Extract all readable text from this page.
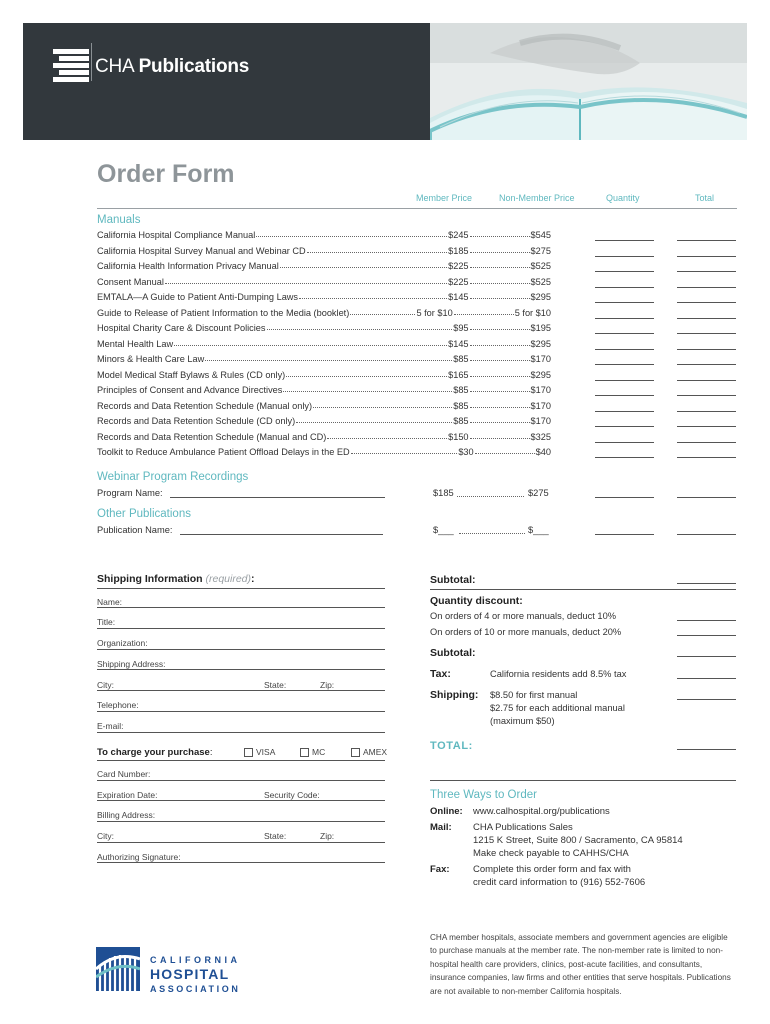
CHA Publications
Order Form
Member Price	Non-Member Price	Quantity	Total
Manuals
California Hospital Compliance Manual	$245	$545
California Hospital Survey Manual and Webinar CD	$185	$275
California Health Information Privacy Manual	$225	$525
Consent Manual	$225	$525
EMTALA—A Guide to Patient Anti-Dumping Laws	$145	$295
Guide to Release of Patient Information to the Media (booklet)	5 for $10	5 for $10
Hospital Charity Care & Discount Policies	$95	$195
Mental Health Law	$145	$295
Minors & Health Care Law	$85	$170
Model Medical Staff Bylaws & Rules (CD only)	$165	$295
Principles of Consent and Advance Directives	$85	$170
Records and Data Retention Schedule (Manual only)	$85	$170
Records and Data Retention Schedule (CD only)	$85	$170
Records and Data Retention Schedule (Manual and CD)	$150	$325
Toolkit to Reduce Ambulance Patient Offload Delays in the ED	$30	$40
Webinar Program Recordings
Program Name:	$185	$275
Other Publications
Publication Name:	$___	$___
Shipping Information (required):
Name:
Title:
Organization:
Shipping Address:
City:	State:	Zip:
Telephone:
E-mail:
To charge your purchase:	VISA	MC	AMEX
Card Number:
Expiration Date:	Security Code:
Billing Address:
City:	State:	Zip:
Authorizing Signature:
Subtotal:
Quantity discount:
On orders of 4 or more manuals, deduct 10%
On orders of 10 or more manuals, deduct 20%
Subtotal:
Tax:	California residents add 8.5% tax
Shipping: $8.50 for first manual
$2.75 for each additional manual
(maximum $50)
TOTAL:
Three Ways to Order
Online: www.calhospital.org/publications
Mail: CHA Publications Sales
1215 K Street, Suite 800 / Sacramento, CA 95814
Make check payable to CAHHS/CHA
Fax: Complete this order form and fax with
credit card information to (916) 552-7606
CHA member hospitals, associate members and government agencies are eligible to purchase manuals at the member rate. The non-member rate is limited to non-hospital health care providers, clinics, post-acute facilities, and consultants, insurance companies, law firms and other entities that serve hospitals. Publications are not available to non-member California hospitals.
CALIFORNIA
HOSPITAL
ASSOCIATION
